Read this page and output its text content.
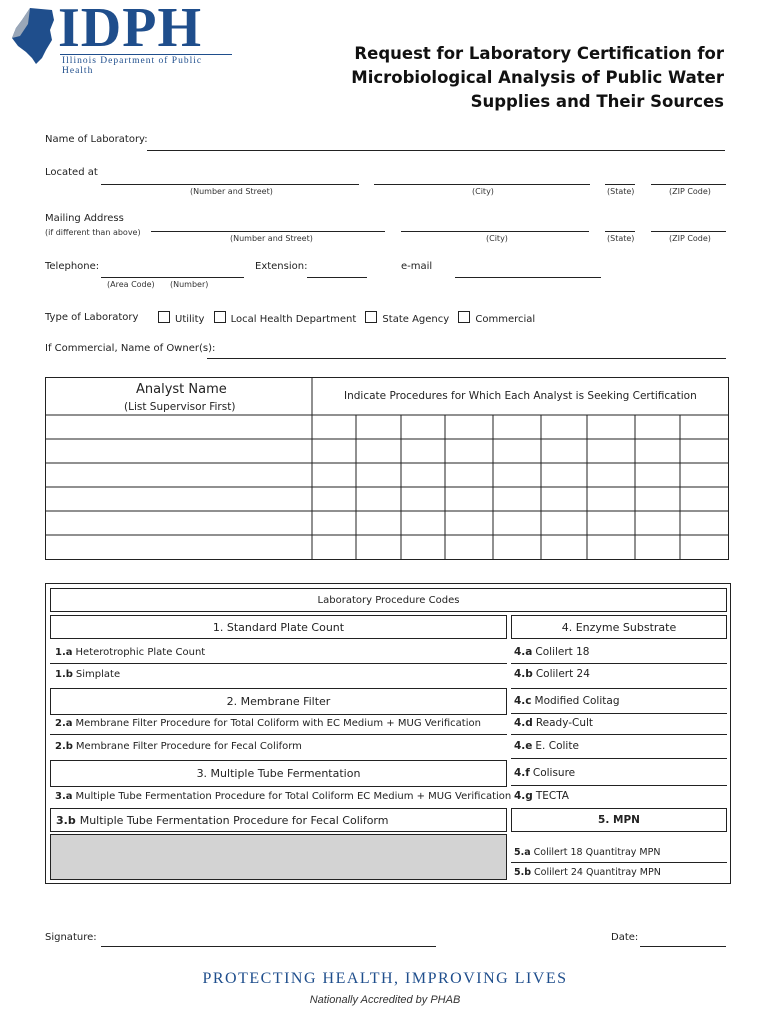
IDPH
Illinois Department of Public Health
Request for Laboratory Certification for
Microbiological Analysis of Public Water
Supplies and Their Sources
Name of Laboratory:
Located at
(Number and Street)	(City)	(State)	(ZIP Code)
Mailing Address
(if different than above)
(Number and Street)	(City)	(State)	(ZIP Code)
Telephone:
(Area Code) (Number)
Extension:	e-mail
Type of Laboratory	Utility	Local Health Department	State Agency	Commercial
If Commercial, Name of Owner(s):
Analyst Name
(List Supervisor First)
Indicate Procedures for Which Each Analyst is Seeking Certification
Laboratory Procedure Codes
1. Standard Plate Count
1.a Heterotrophic Plate Count
1.b Simplate
2. Membrane Filter
2.a Membrane Filter Procedure for Total Coliform with EC Medium + MUG Verification
2.b Membrane Filter Procedure for Fecal Coliform
3. Multiple Tube Fermentation
3.a Multiple Tube Fermentation Procedure for Total Coliform EC Medium + MUG Verification
3.b Multiple Tube Fermentation Procedure for Fecal Coliform
4. Enzyme Substrate
4.a Colilert 18
4.b Colilert 24
4.c Modified Colitag
4.d Ready-Cult
4.e E. Colite
4.f Colisure
4.g TECTA
5. MPN
5.a Colilert 18 Quantitray MPN
5.b Colilert 24 Quantitray MPN
Signature:	Date:
PROTECTING HEALTH, IMPROVING LIVES
Nationally Accredited by PHAB
